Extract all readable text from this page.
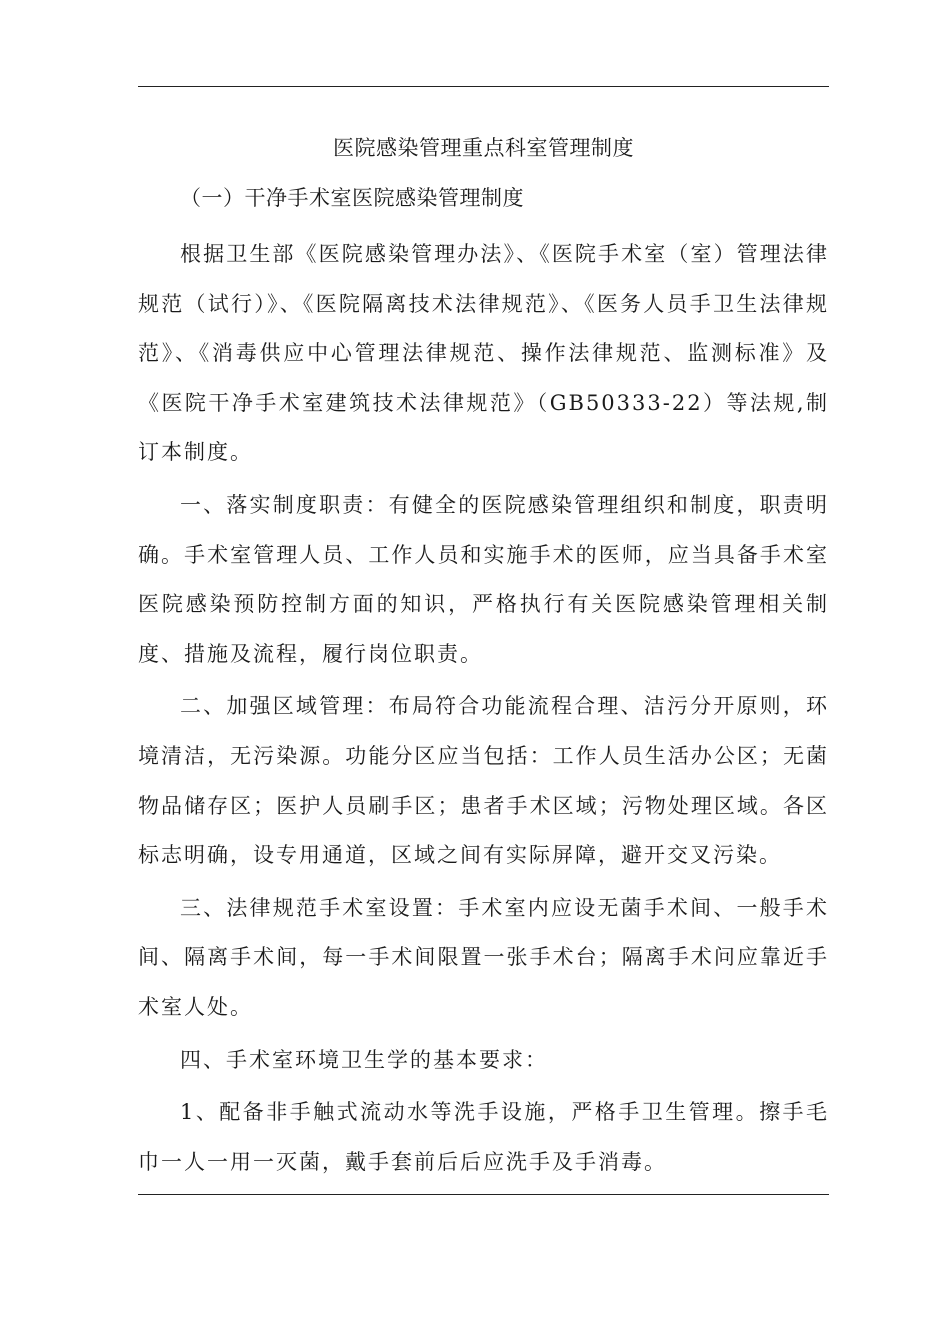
医院感染管理重点科室管理制度
（一）干净手术室医院感染管理制度

根据卫生部《医院感染管理办法》、《医院手术室（室）管理法律规范（试行）》、《医院隔离技术法律规范》、《医务人员手卫生法律规范》、《消毒供应中心管理法律规范、操作法律规范、监测标准》及《医院干净手术室建筑技术法律规范》（GB50333-22）等法规,制订本制度。

一、落实制度职责：有健全的医院感染管理组织和制度，职责明确。手术室管理人员、工作人员和实施手术的医师，应当具备手术室医院感染预防控制方面的知识，严格执行有关医院感染管理相关制度、措施及流程，履行岗位职责。

二、加强区域管理：布局符合功能流程合理、洁污分开原则，环境清洁，无污染源。功能分区应当包括：工作人员生活办公区；无菌物品储存区；医护人员刷手区；患者手术区域；污物处理区域。各区标志明确，设专用通道，区域之间有实际屏障，避开交叉污染。

三、法律规范手术室设置：手术室内应设无菌手术间、一般手术间、隔离手术间，每一手术间限置一张手术台；隔离手术问应靠近手术室人处。

四、手术室环境卫生学的基本要求：

1、配备非手触式流动水等洗手设施，严格手卫生管理。擦手毛巾一人一用一灭菌，戴手套前后后应洗手及手消毒。
